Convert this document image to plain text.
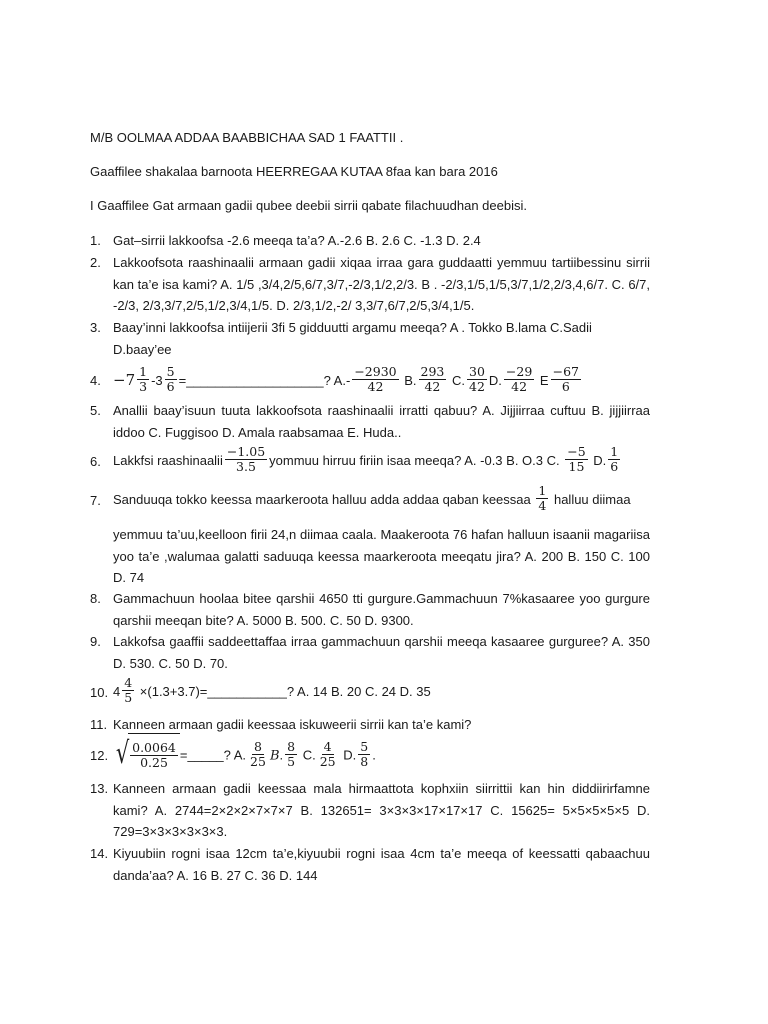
M/B OOLMAA ADDAA BAABBICHAA SAD 1 FAATTII .
Gaaffilee shakalaa barnoota HEERREGAA KUTAA 8faa kan bara 2016
I Gaaffilee Gat armaan gadii qubee deebii sirrii qabate filachuudhan deebisi.
1. Gat–sirrii lakkoofsa -2.6 meeqa ta’a? A.-2.6 B. 2.6 C. -1.3 D. 2.4
2. Lakkoofsota raashinaalii armaan gadii xiqaa irraa gara guddaatti yemmuu tartiibessinu sirrii kan ta’e isa kami? A. 1/5 ,3/4,2/5,6/7,3/7,-2/3,1/2,2/3. B . -2/3,1/5,1/5,3/7,1/2,2/3,4,6/7. C. 6/7, -2/3, 2/3,3/7,2/5,1/2,3/4,1/5. D. 2/3,1/2,-2/ 3,3/7,6/7,2/5,3/4,1/5.
3. Baay’inni lakkoofsa intiijerii 3fi 5 gidduutti argamu meeqa? A . Tokko B.lama C.Sadii D.baay’ee
4. $-7 \frac{1}{3} -3 \frac{5}{6}$ =___________________? $A.- \frac{-2930}{42} B$. $\frac{293}{42} C$. $\frac{30}{42} D$. $\frac{-29}{42}$ E $\frac{-67}{6}$
5. Anallii baay’isuun tuuta lakkoofsota raashinaalii irratti qabuu? A. Jijjiirraa cuftuu B. jijjiirraa iddoo C. Fuggisoo D. Amala raabsamaa E. Huda..
6. Lakkfsi raashinaalii $\frac{-1.05}{3.5}$ yommuu hirruu firiin isaa meeqa? A. -0.3 B. O.3 C. $\frac{-5}{15} D$. $\frac{1}{6}$
7. Sanduuqa tokko keessa maarkeroota halluu adda addaa qaban keessaa $\frac{1}{4}$ halluu diimaa
yemmuu ta’uu,keelloon firii 24,n diimaa caala. Maakeroota 76 hafan halluun isaanii magariisa yoo ta’e ,walumaa galatti saduuqa keessa maarkeroota meeqatu jira? A. 200 B. 150 C. 100 D. 74
8. Gammachuun hoolaa bitee qarshii 4650 tti gurgure.Gammachuun 7%kasaaree yoo gurgure qarshii meeqan bite? A. 5000 B. 500. C. 50 D. 9300.
9. Lakkofsa gaaffii saddeettaffaa irraa gammachuun qarshii meeqa kasaaree gurguree? A. 350 D. 530. C. 50 D. 70.
10. $4 \frac{4}{5}$ ×(1.3+3.7)=___________? A. 14 B. 20 C. 24 D. 35
11. Kanneen armaan gadii keessaa iskuweerii sirrii kan ta’e kami?
12. √ $\frac{0.0064}{0.25}$ =_____? A. $\frac{8}{25} B$. $\frac{8}{5} C$. $\frac{4}{25} D$. $\frac{5}{8}$ .
13. Kanneen armaan gadii keessaa mala hirmaattota kophxiin siirrittii kan hin diddiirirfamne kami? A. 2744=2×2×2×7×7×7 B. 132651= 3×3×3×17×17×17 C. 15625= 5×5×5×5×5 D. 729=3×3×3×3×3×3.
14. Kiyuubiin rogni isaa 12cm ta’e,kiyuubii rogni isaa 4cm ta’e meeqa of keessatti qabaachuu danda’aa? A. 16 B. 27 C. 36 D. 144
